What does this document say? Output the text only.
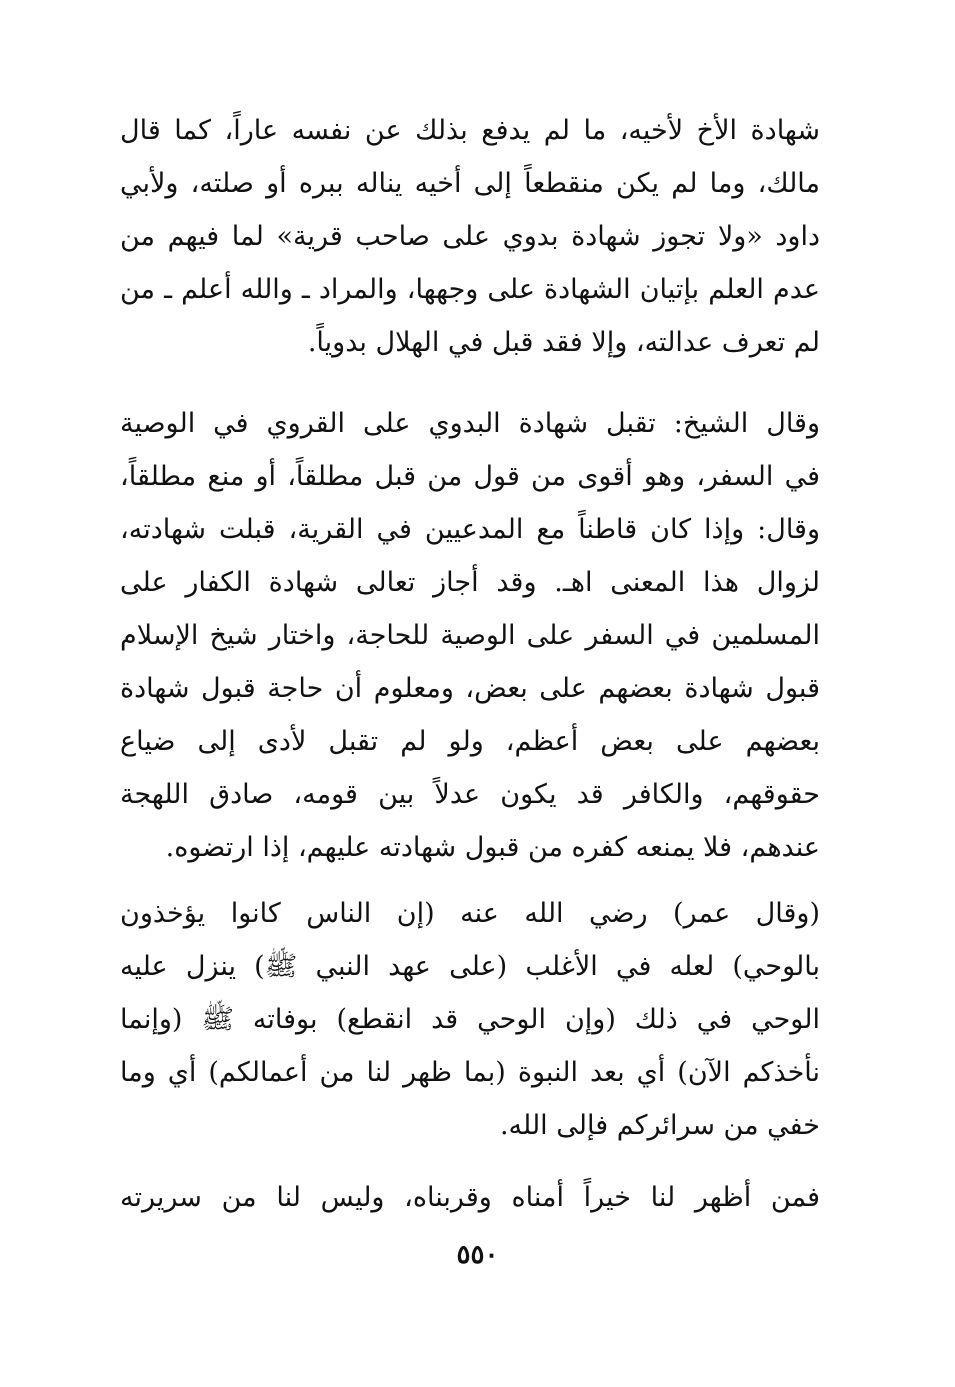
شهادة الأخ لأخيه، ما لم يدفع بذلك عن نفسه عاراً، كما قال
مالك، وما لم يكن منقطعاً إلى أخيه يناله ببره أو صلته، ولأبي
داود «ولا تجوز شهادة بدوي على صاحب قرية» لما فيهم من
عدم العلم بإتيان الشهادة على وجهها، والمراد ـ والله أعلم ـ من
لم تعرف عدالته، وإلا فقد قبل في الهلال بدوياً.
وقال الشيخ: تقبل شهادة البدوي على القروي في الوصية
في السفر، وهو أقوى من قول من قبل مطلقاً، أو منع مطلقاً،
وقال: وإذا كان قاطناً مع المدعيين في القرية، قبلت شهادته،
لزوال هذا المعنى اهـ. وقد أجاز تعالى شهادة الكفار على
المسلمين في السفر على الوصية للحاجة، واختار شيخ الإسلام
قبول شهادة بعضهم على بعض، ومعلوم أن حاجة قبول شهادة
بعضهم على بعض أعظم، ولو لم تقبل لأدى إلى ضياع
حقوقهم، والكافر قد يكون عدلاً بين قومه، صادق اللهجة
عندهم، فلا يمنعه كفره من قبول شهادته عليهم، إذا ارتضوه.
(وقال عمر) رضي الله عنه (إن الناس كانوا يؤخذون
بالوحي) لعله في الأغلب (على عهد النبي ﷺ) ينزل عليه
الوحي في ذلك (وإن الوحي قد انقطع) بوفاته ﷺ (وإنما
نأخذكم الآن) أي بعد النبوة (بما ظهر لنا من أعمالكم) أي وما
خفي من سرائركم فإلى الله.
فمن أظهر لنا خيراً أمناه وقربناه، وليس لنا من سريرته
٥٥٠
